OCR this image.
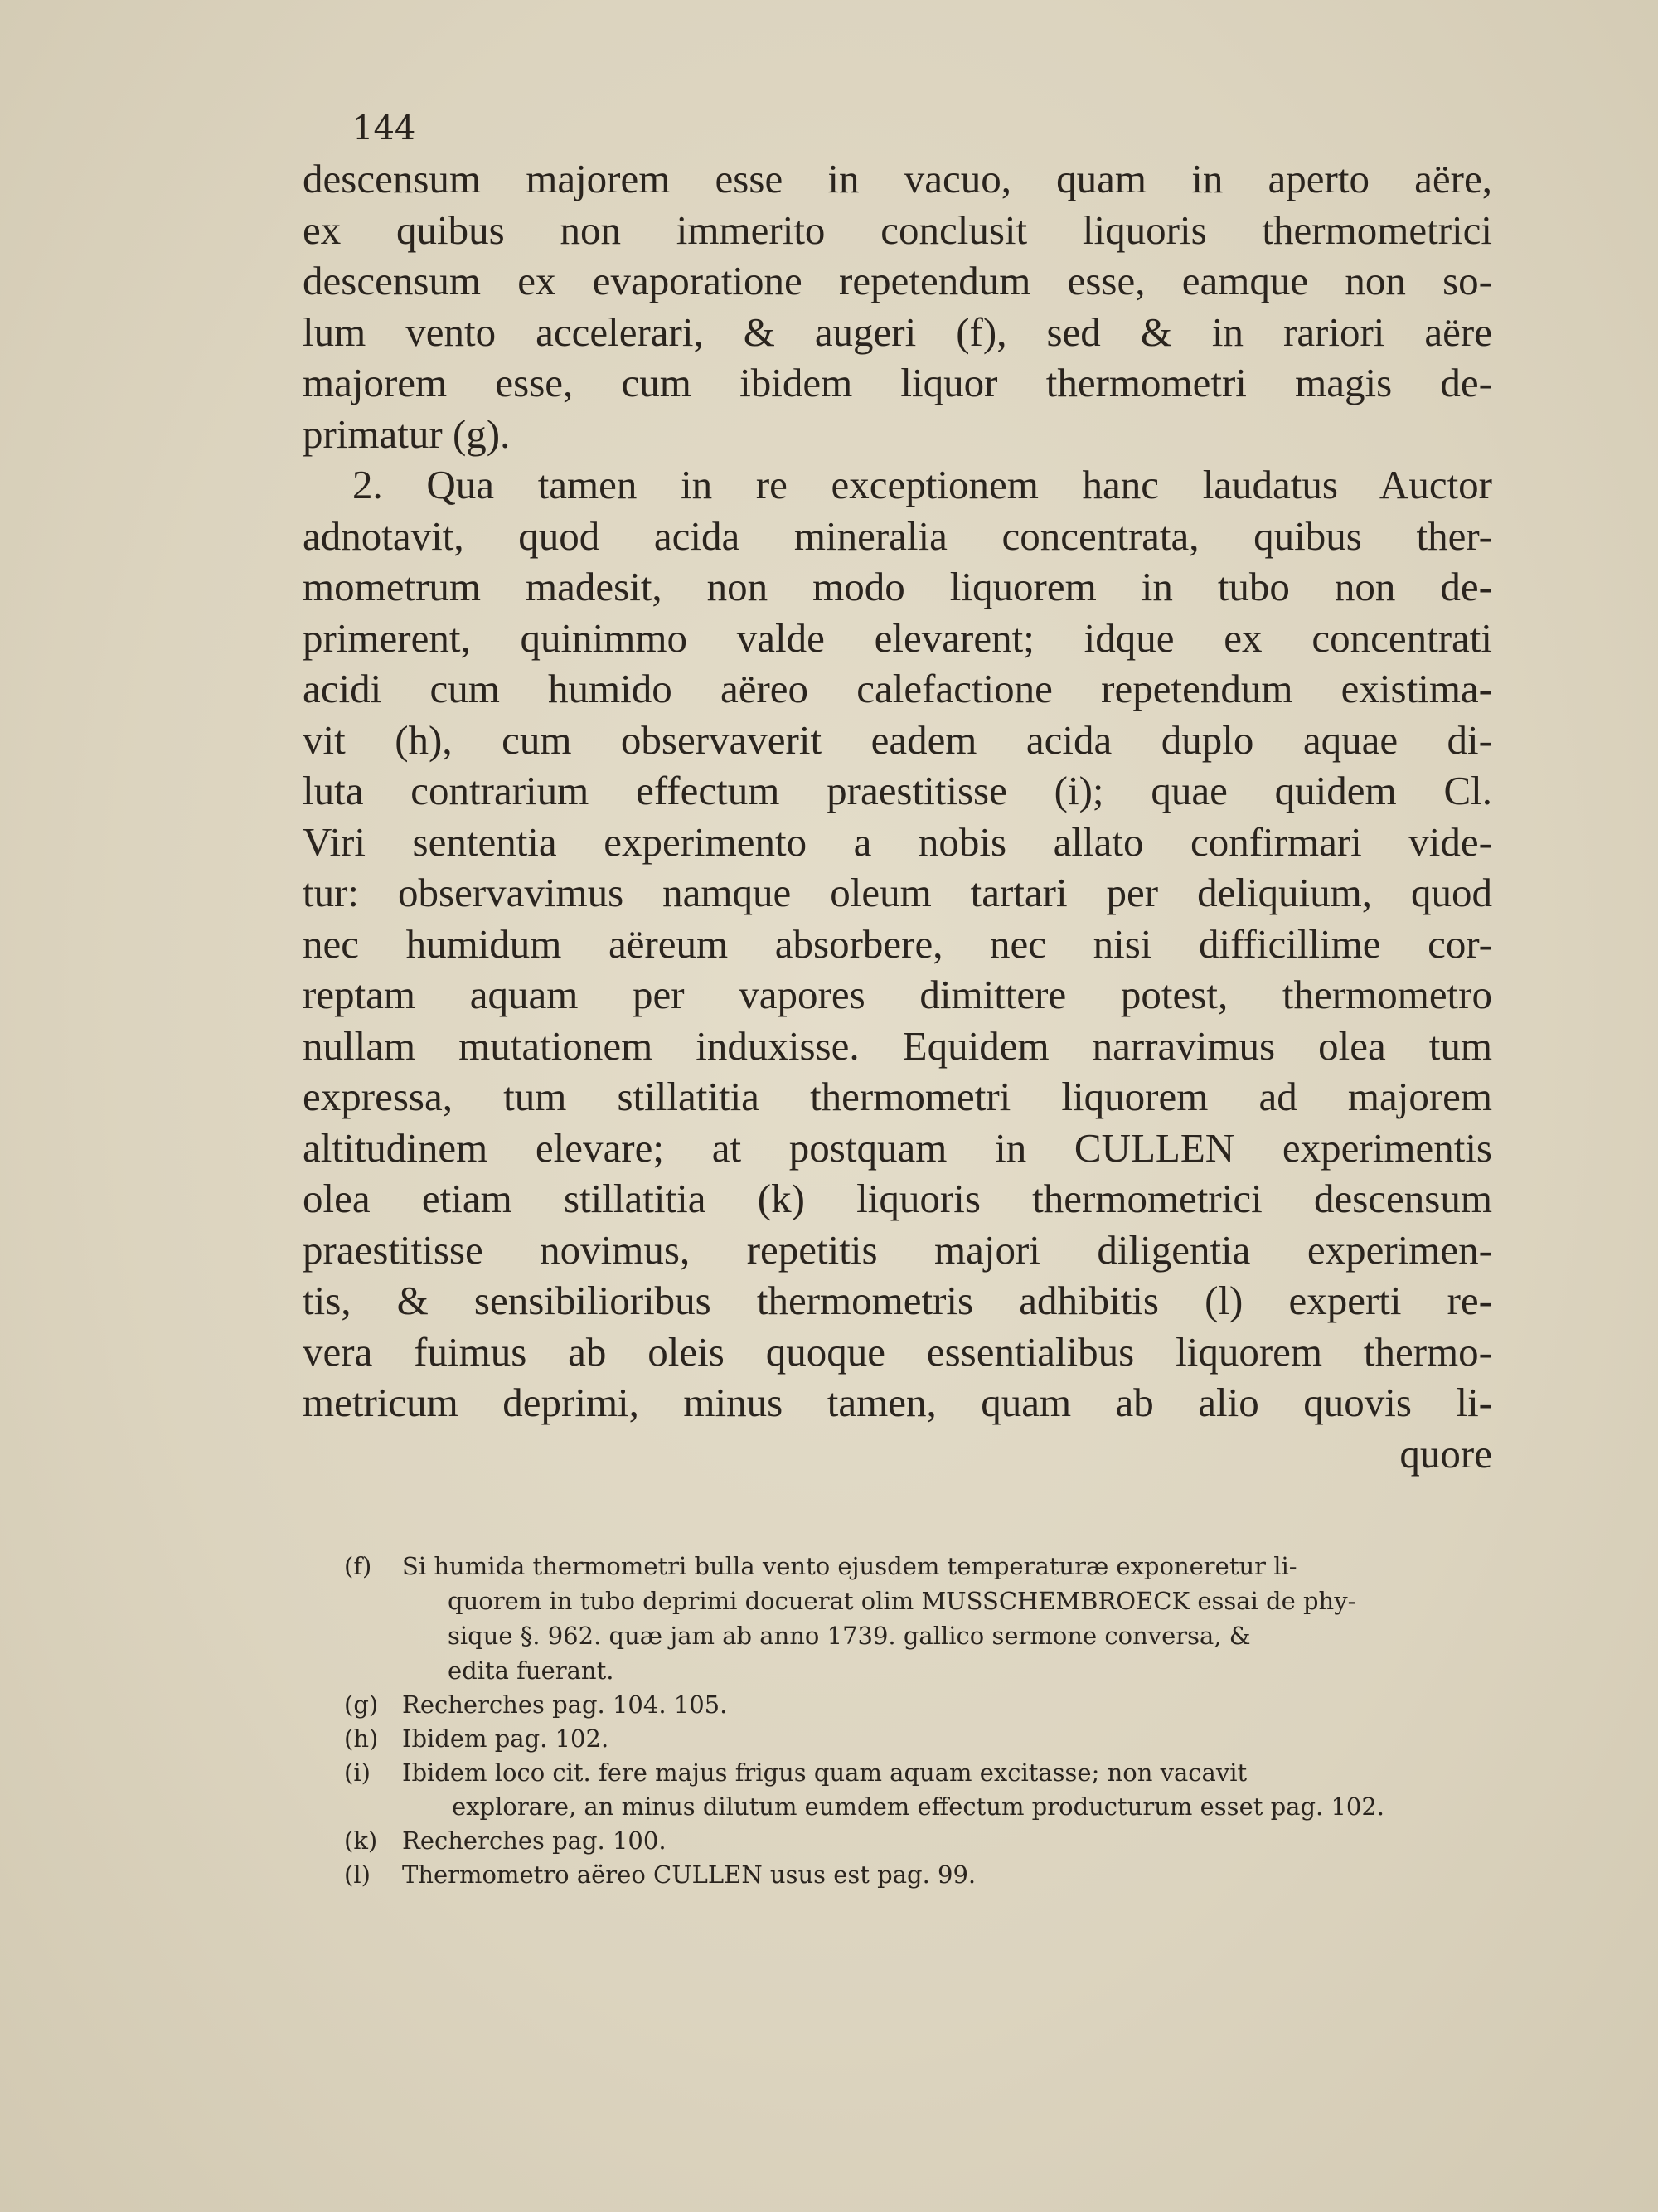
144
descensum majorem esse in vacuo, quam in aperto aëre,
ex quibus non immerito conclusit liquoris thermometrici
descensum ex evaporatione repetendum esse, eamque non so-
lum vento accelerari, & augeri (f), sed & in rariori aëre
majorem esse, cum ibidem liquor thermometri magis de-
primatur (g).
2. Qua tamen in re exceptionem hanc laudatus Auctor
adnotavit, quod acida mineralia concentrata, quibus ther-
mometrum madesit, non modo liquorem in tubo non de-
primerent, quinimmo valde elevarent; idque ex concentrati
acidi cum humido aëreo calefactione repetendum existima-
vit (h), cum observaverit eadem acida duplo aquae di-
luta contrarium effectum praestitisse (i); quae quidem Cl.
Viri sententia experimento a nobis allato confirmari vide-
tur: observavimus namque oleum tartari per deliquium, quod
nec humidum aëreum absorbere, nec nisi difficillime cor-
reptam aquam per vapores dimittere potest, thermometro
nullam mutationem induxisse. Equidem narravimus olea tum
expressa, tum stillatitia thermometri liquorem ad majorem
altitudinem elevare; at postquam in CULLEN experimentis
olea etiam stillatitia (k) liquoris thermometrici descensum
praestitisse novimus, repetitis majori diligentia experimen-
tis, & sensibilioribus thermometris adhibitis (l) experti re-
vera fuimus ab oleis quoque essentialibus liquorem thermo-
metricum deprimi, minus tamen, quam ab alio quovis li-
quore
(f) Si humida thermometri bulla vento ejusdem temperaturæ exponeretur li-
quorem in tubo deprimi docuerat olim MUSSCHEMBROECK essai de phy-
sique §. 962. quæ jam ab anno 1739. gallico sermone conversa, &
edita fuerant.
(g) Recherches pag. 104. 105.
(h) Ibidem pag. 102.
(i) Ibidem loco cit. fere majus frigus quam aquam excitasse; non vacavit
explorare, an minus dilutum eumdem effectum producturum esset pag. 102.
(k) Recherches pag. 100.
(l) Thermometro aëreo CULLEN usus est pag. 99.
